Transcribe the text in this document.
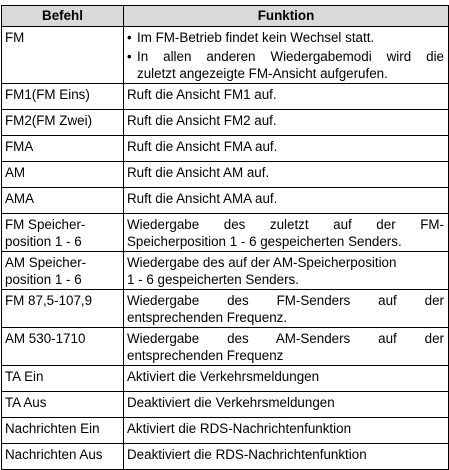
Befehl	Funktion
FM	• Im FM-Betrieb findet kein Wechsel statt.
• In allen anderen Wiedergabemodi wird die
zuletzt angezeigte FM-Ansicht aufgerufen.

FM1(FM Eins)	Ruft die Ansicht FM1 auf.
FM2(FM Zwei)	Ruft die Ansicht FM2 auf.
FMA	Ruft die Ansicht FMA auf.
AM	Ruft die Ansicht AM auf.
AMA	Ruft die Ansicht AMA auf.

FM Speicher-
position 1 - 6	Wiedergabe des zuletzt auf der FM-
Speicherposition 1 - 6 gespeicherten Senders.

AM Speicher-
position 1 - 6	Wiedergabe des auf der AM-Speicherposition
1 - 6 gespeicherten Senders.

FM 87,5-107,9	Wiedergabe des FM-Senders auf der
entsprechenden Frequenz.

AM 530-1710	Wiedergabe des AM-Senders auf der
entsprechenden Frequenz

TA Ein	Aktiviert die Verkehrsmeldungen
TA Aus	Deaktiviert die Verkehrsmeldungen
Nachrichten Ein	Aktiviert die RDS-Nachrichtenfunktion
Nachrichten Aus	Deaktiviert die RDS-Nachrichtenfunktion
